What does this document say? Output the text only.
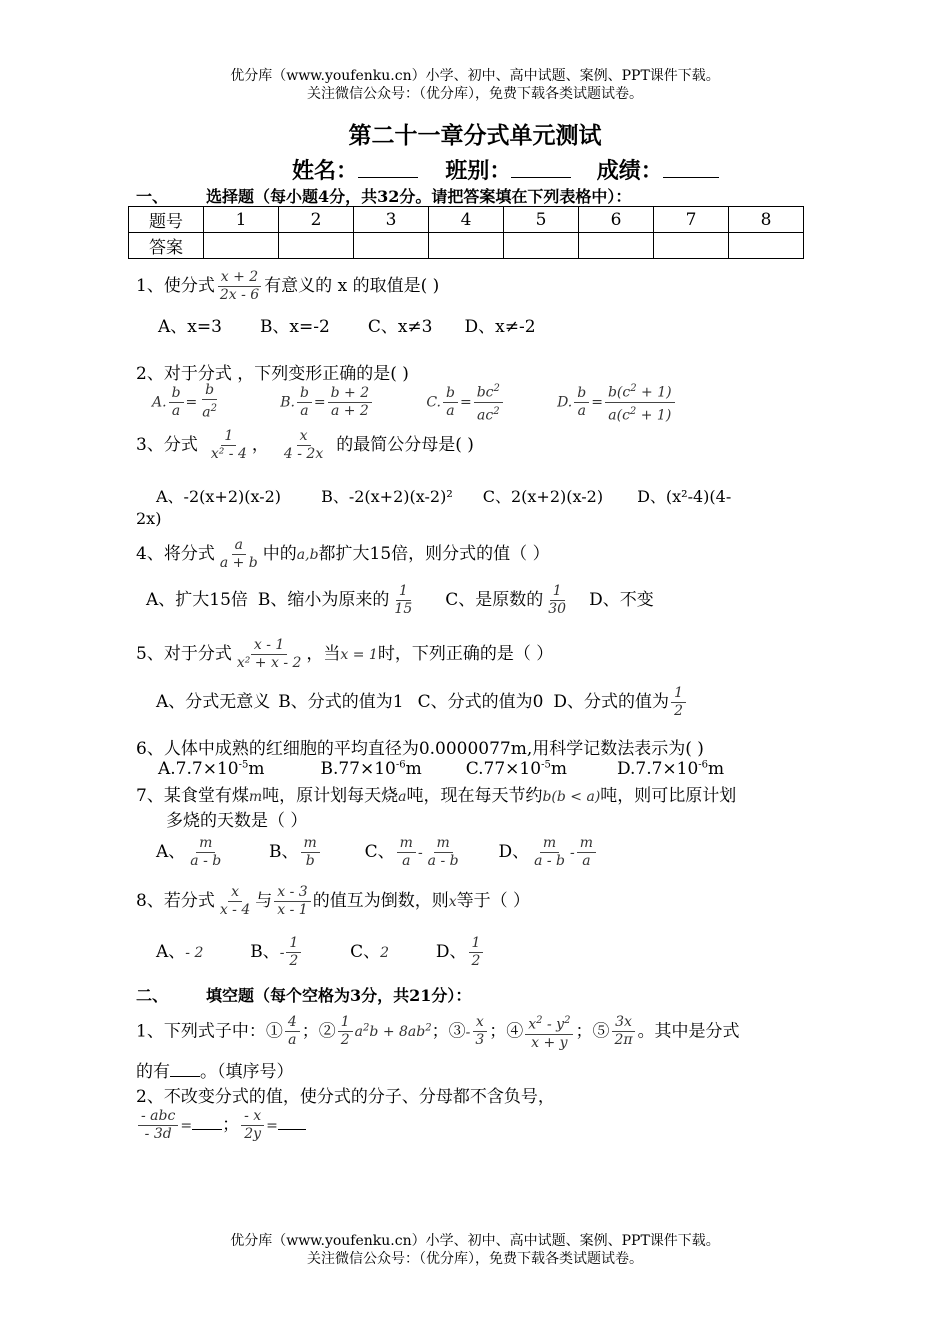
优分库（www.youfenku.cn）小学、初中、高中试题、案例、PPT课件下载。
关注微信公众号：（优分库），免费下载各类试题试卷。
第二十一章分式单元测试
姓名：	班别：	成绩：
一、 选择题（每小题4分，共32分。请把答案填在下列表格中）：
题号	1	2	3	4	5	6	7	8
答案								
1、使分式 $\frac{x + 2}{2x - 6}$ 有意义的 x 的取值是( )
A、x=3 B、x=-2 C、x≠3 D、x≠-2
2、对于分式 ，下列变形正确的是( )
A. $\frac{b}{a} = \frac{b}{a^2}$	B. $\frac{b}{a} = \frac{b + 2}{a + 2}$	C. $\frac{b}{a} = \frac{bc^2}{ac^2}$	D. $\frac{b}{a} = \frac{b(c^2 + 1)}{a(c^2 + 1)}$
3、分式 $\frac{1}{\text{x² - 4}}$ ， $\frac{x}{4 - 2x}$ 的最简公分母是( )
A、-2(x+2)(x-2)	B、-2(x+2)(x-2)² C、2(x+2)(x-2) D、(x²-4)(4-
2x)
4、将分式 $\frac{a}{a + b}$ 中的a,b都扩大15倍，则分式的值（ ）
A、扩大15倍 B、缩小为原来的 $\frac{1}{15}$ C、是原数的 $\frac{1}{30}$ D、不变
5、对于分式 $\frac{x - 1}{\text{x² + x - 2}}$ ，当x = 1时，下列正确的是（ ）
A、分式无意义 B、分式的值为1 C、分式的值为0 D、分式的值为 $\frac{1}{2}$
6、人体中成熟的红细胞的平均直径为0.0000077m,用科学记数法表示为( )
$A.7.7\times 10^{-5}m$	$B.77\times 10^{-6}m$	$C.77\times 10^{-5}m$	$D.7.7\times 10^{-6}m$
7、某食堂有煤m吨，原计划每天烧a吨，现在每天节约b(b < a)吨，则可比原计划
多烧的天数是（ ）
A、 $\frac{m}{a - b}$	B、 $\frac{m}{b}$	C、 $\frac{m}{a} - \frac{m}{a - b}$ D、 $\frac{m}{a - b} - \frac{m}{a}$
8、若分式 $\frac{x}{x - 4}$ 与 $\frac{x - 3}{x - 1}$ 的值互为倒数，则x等于（ ）
A、- 2	B、- $\frac{1}{2}$	C、2	D、 $\frac{1}{2}$
二、 填空题（每个空格为3分，共21分）：
1、下列式子中：① $\frac{4}{a}$ ；② $\frac{1}{2} a^2b + 8ab^2$；③- $\frac{x}{3}$ ；④ $\frac{x^2 - y^2}{x + y}$ ；⑤ $\frac{3x}{2\pi}$ 。其中是分式
的有 。（填序号）
2、不改变分式的值，使分式的分子、分母都不含负号，
$\frac{\text{- abc}}{- 3d}$ = ； $\frac{- x}{2y}$ =
优分库（www.youfenku.cn）小学、初中、高中试题、案例、PPT课件下载。
关注微信公众号：（优分库），免费下载各类试题试卷。
